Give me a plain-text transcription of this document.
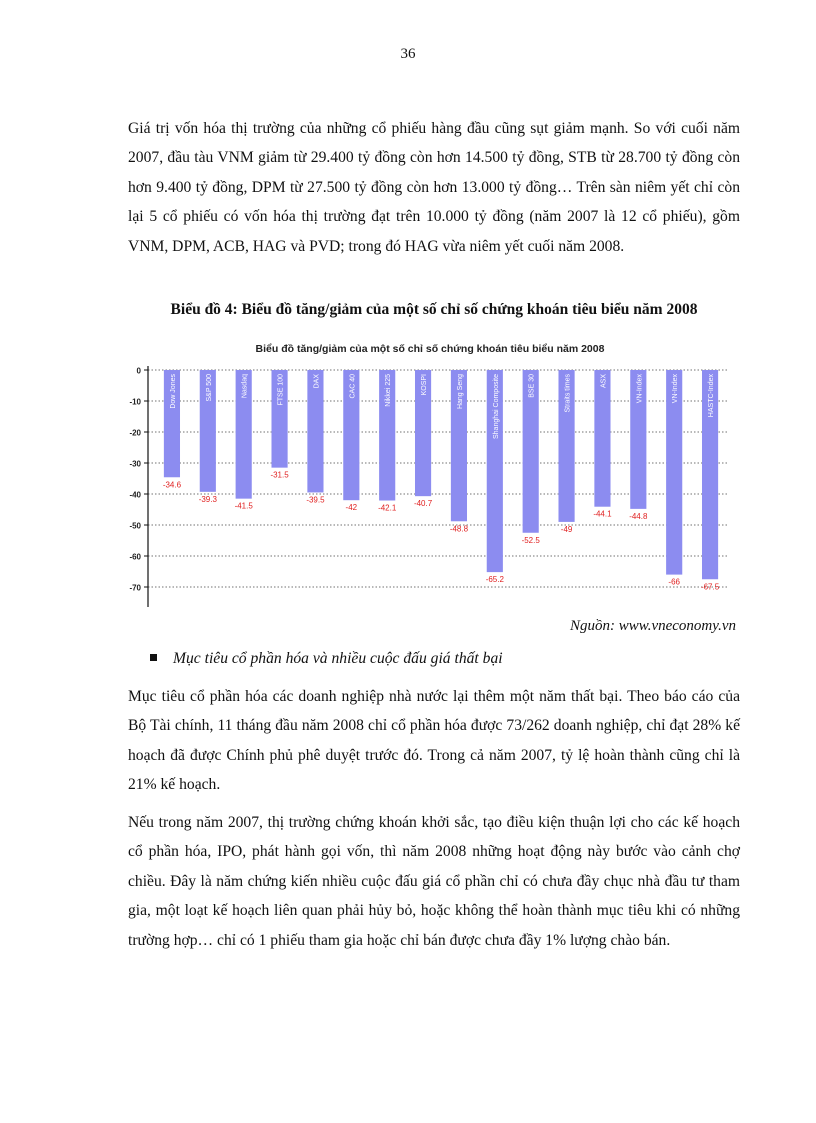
36

Giá trị vốn hóa thị trường của những cổ phiếu hàng đầu cũng sụt giảm mạnh. So với cuối năm 2007, đầu tàu VNM giảm từ 29.400 tỷ đồng còn hơn 14.500 tỷ đồng, STB từ 28.700 tỷ đồng còn hơn 9.400 tỷ đồng, DPM từ 27.500 tỷ đồng còn hơn 13.000 tỷ đồng… Trên sàn niêm yết chỉ còn lại 5 cổ phiếu có vốn hóa thị trường đạt trên 10.000 tỷ đồng (năm 2007 là 12 cổ phiếu), gồm VNM, DPM, ACB, HAG và PVD; trong đó HAG vừa niêm yết cuối năm 2008.

Biểu đồ 4: Biểu đồ tăng/giảm của một số chỉ số chứng khoán tiêu biểu năm 2008

Biểu đồ tăng/giảm của một số chỉ số chứng khoán tiêu biểu năm 2008
0
-10
-20
-30
-40
-50
-60
-70
Dow Jones
-34.6
S&P 500
-39.3
Nasdaq
-41.5
FTSE 100
-31.5
DAX
-39.5
CAC 40
-42
Nikkei 225
-42.1
KOSPI
-40.7
Hang Seng
-48.8
Shanghai Composite
-65.2
BSE 30
-52.5
Straits times
-49
ASX
-44.1
VN-Index
-44.8
VN-Index
-66
HASTC-Index
-67.5
Nguồn: www.vneconomy.vn
Mục tiêu cổ phần hóa và nhiều cuộc đấu giá thất bại

Mục tiêu cổ phần hóa các doanh nghiệp nhà nước lại thêm một năm thất bại. Theo báo cáo của Bộ Tài chính, 11 tháng đầu năm 2008 chỉ cổ phần hóa được 73/262 doanh nghiệp, chỉ đạt 28% kế hoạch đã được Chính phủ phê duyệt trước đó. Trong cả năm 2007, tỷ lệ hoàn thành cũng chỉ là 21% kế hoạch.

Nếu trong năm 2007, thị trường chứng khoán khởi sắc, tạo điều kiện thuận lợi cho các kế hoạch cổ phần hóa, IPO, phát hành gọi vốn, thì năm 2008 những hoạt động này bước vào cảnh chợ chiều. Đây là năm chứng kiến nhiều cuộc đấu giá cổ phần chỉ có chưa đầy chục nhà đầu tư tham gia, một loạt kế hoạch liên quan phải hủy bỏ, hoặc không thể hoàn thành mục tiêu khi có những trường hợp… chỉ có 1 phiếu tham gia hoặc chỉ bán được chưa đầy 1% lượng chào bán.
